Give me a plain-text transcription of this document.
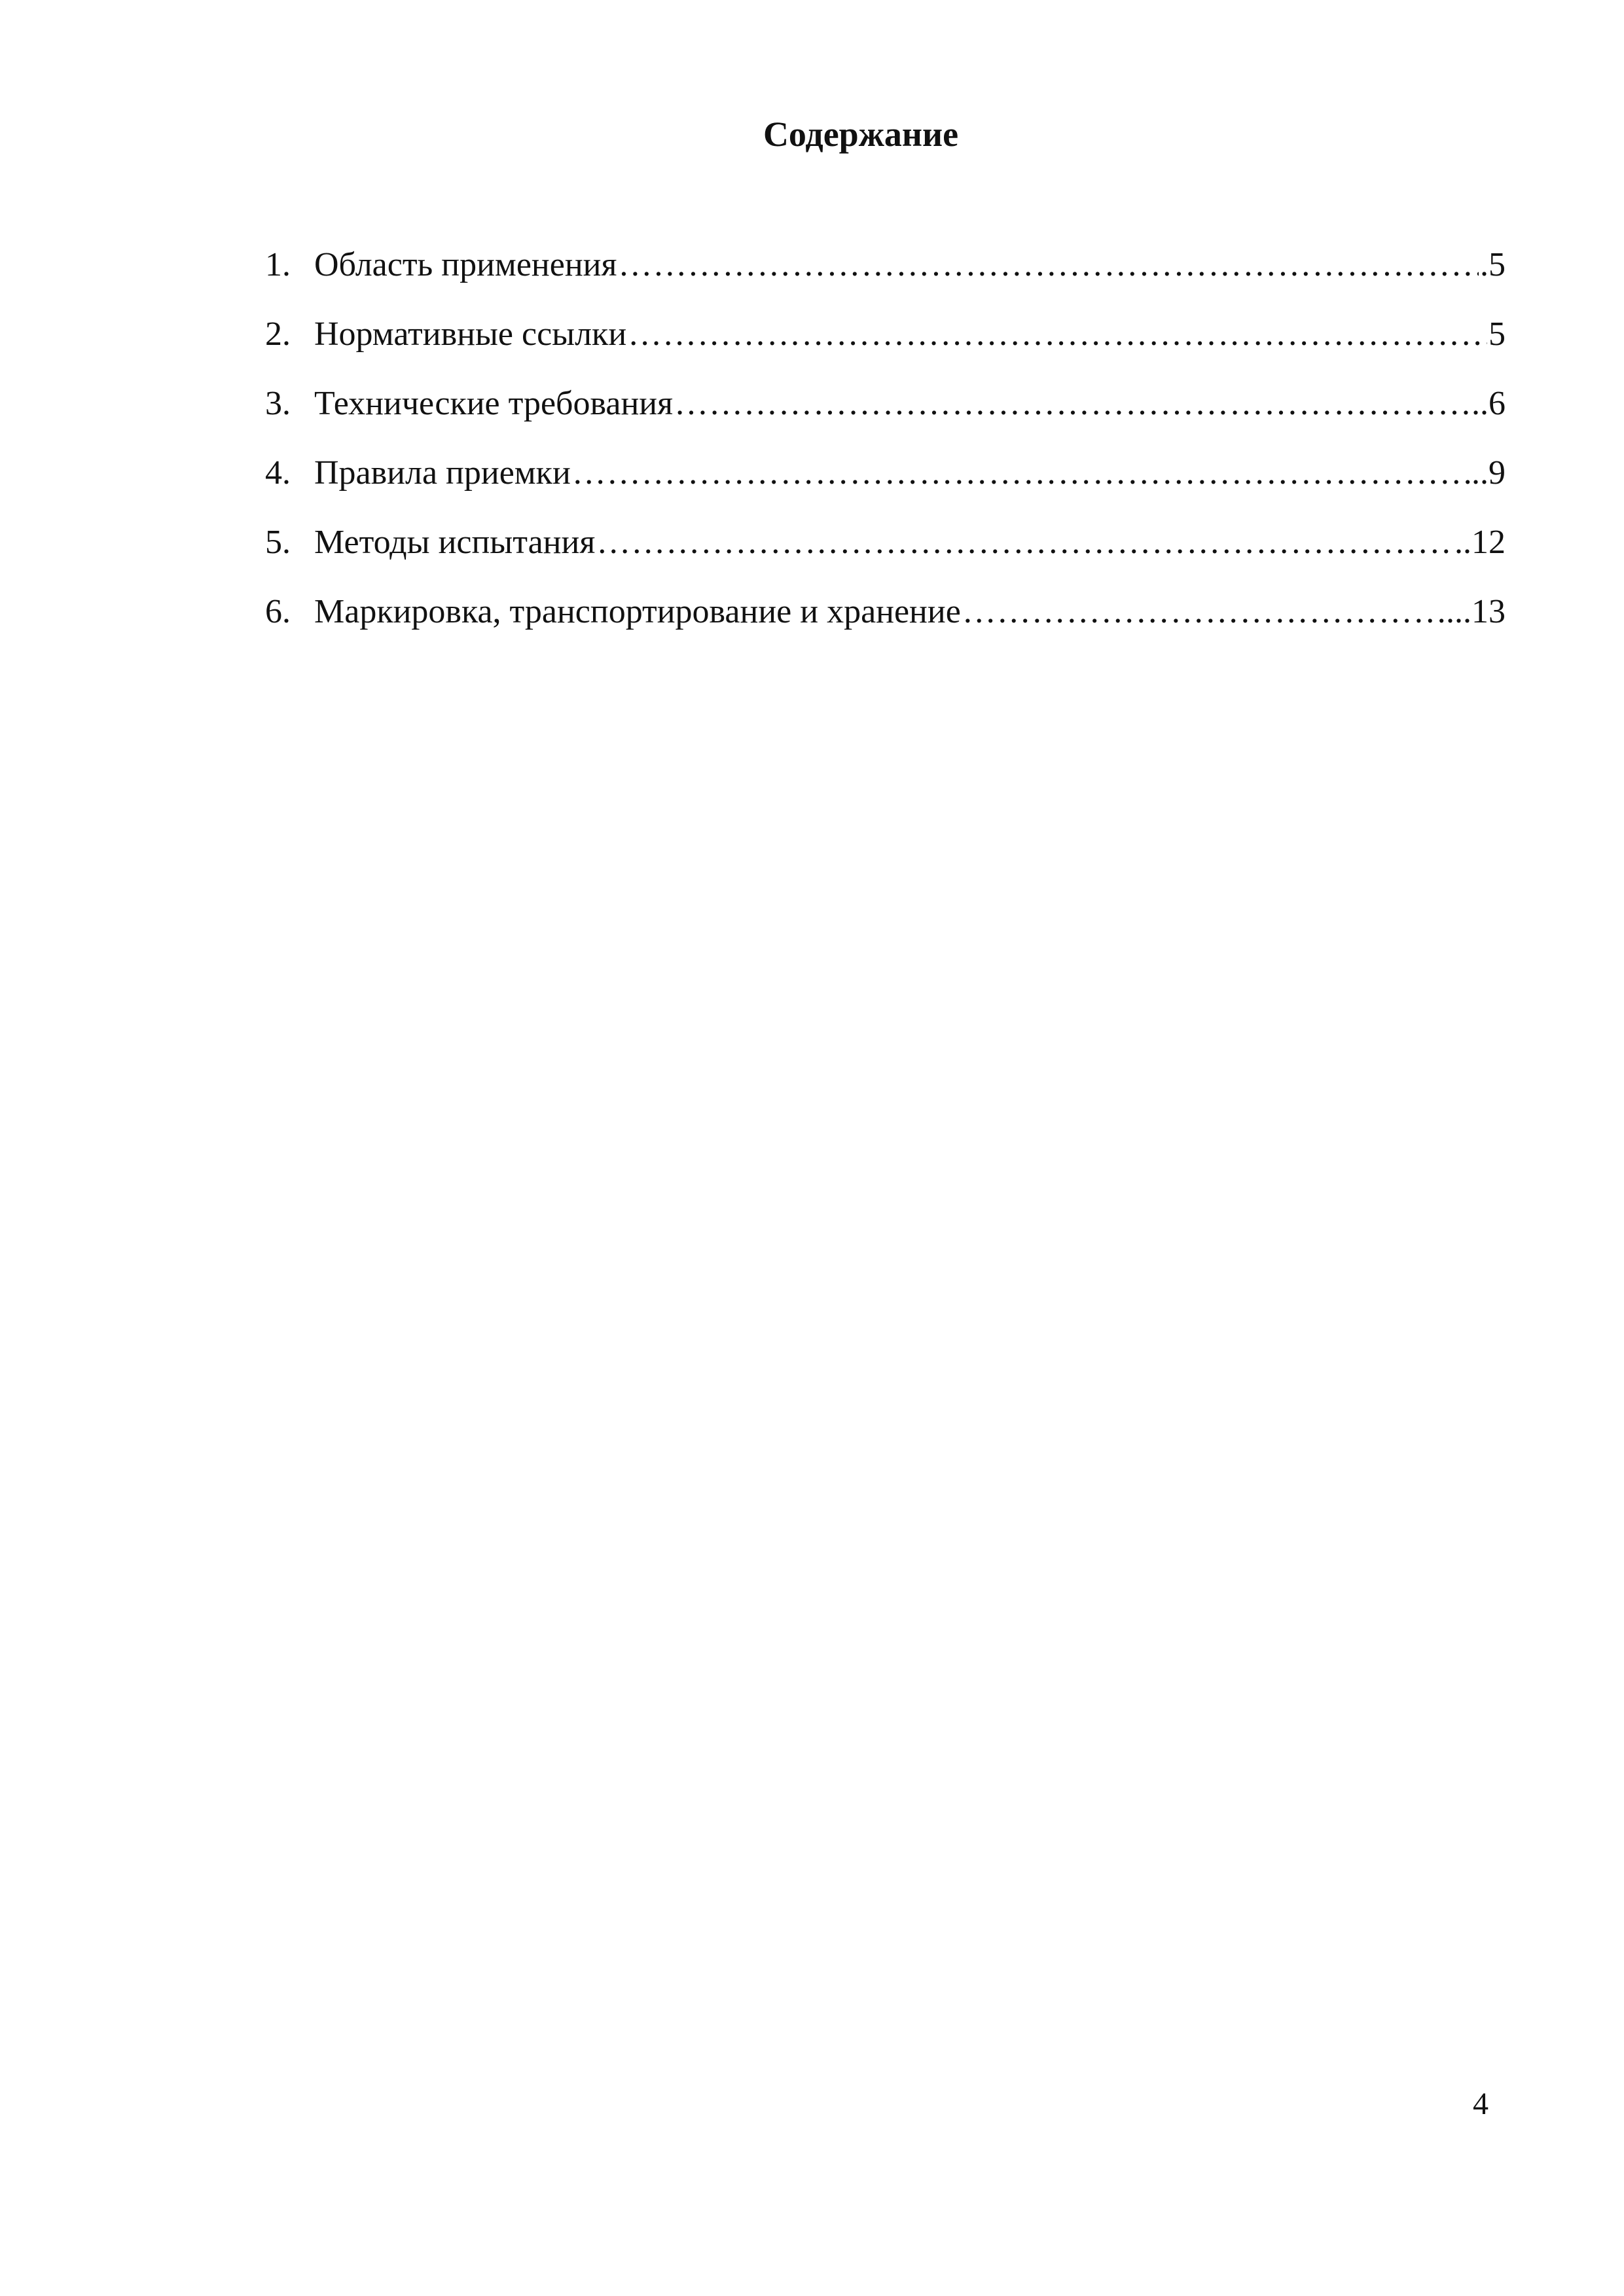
Содержание
1. Область применения ……………………………………………………………………………………………………………………………………………………………………………………	.5
2. Нормативные ссылки ……………………………………………………………………………………………………………………………………………………………………………………	5
3. Технические требования ……………………………………………………………………………………………………………………………………………………………………………………	..6
4. Правила приемки ……………………………………………………………………………………………………………………………………………………………………………………	..9
5. Методы испытания ……………………………………………………………………………………………………………………………………………………………………………………	..12
6. Маркировка, транспортирование и хранение ……………………………………………………………………………………………………………………………………………………………………………………	...13
4
